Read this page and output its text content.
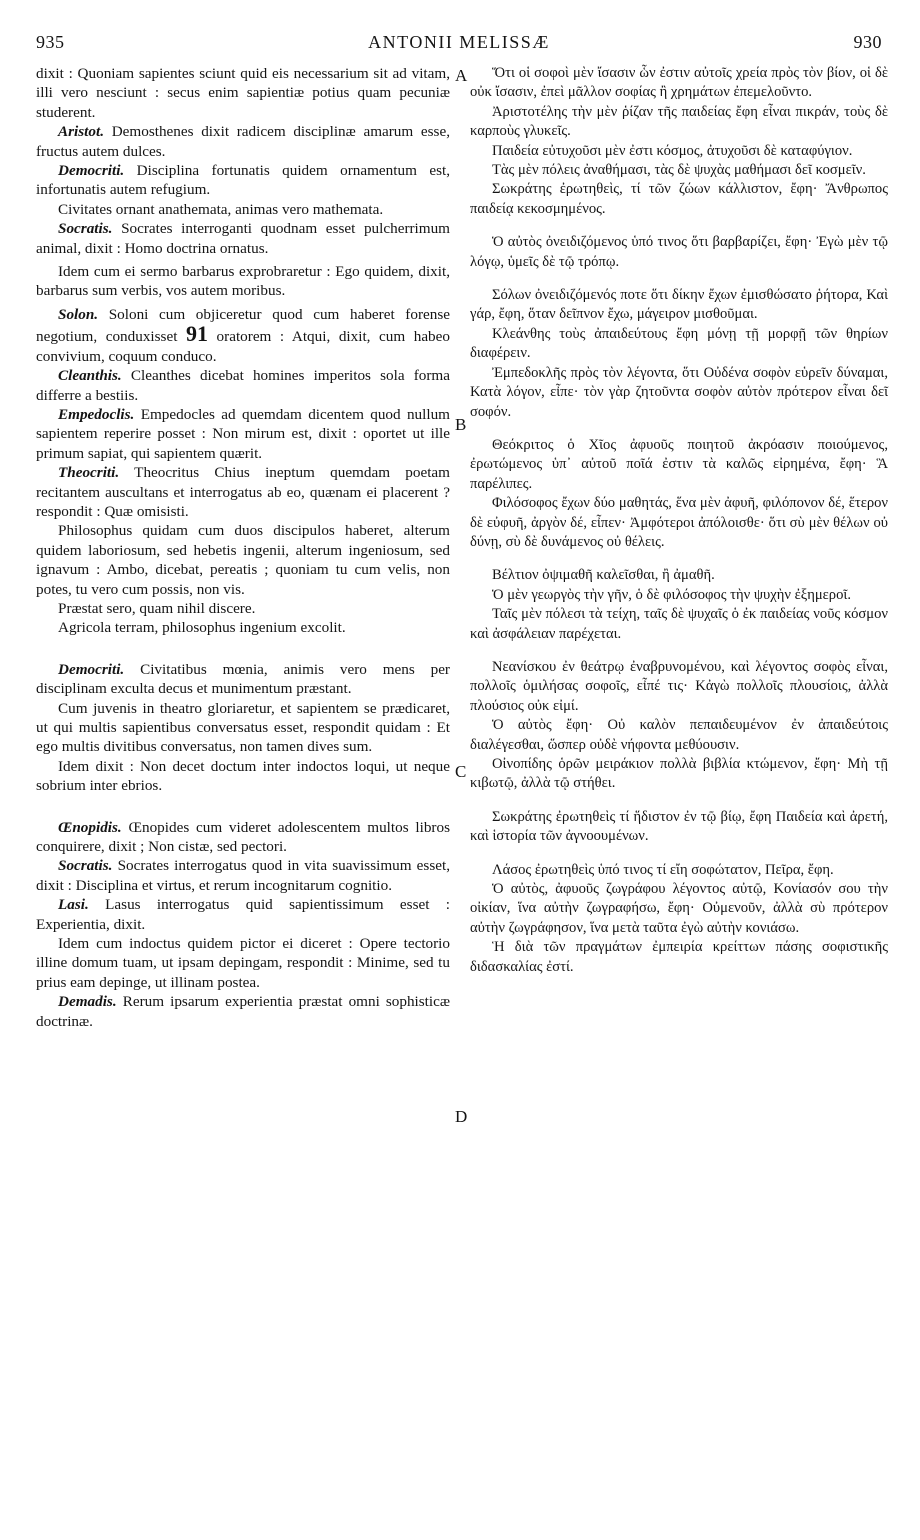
935	ANTONII MELISSÆ	930
A
B
C
D

dixit : Quoniam sapientes sciunt quid eis necessarium sit ad vitam, illi vero nesciunt : secus enim sapientiæ potius quam pecuniæ studerent.

Aristot. Demosthenes dixit radicem disciplinæ amarum esse, fructus autem dulces.

Democriti. Disciplina fortunatis quidem ornamentum est, infortunatis autem refugium.

Civitates ornant anathemata, animas vero mathemata.

Socratis. Socrates interroganti quodnam esset pulcherrimum animal, dixit : Homo doctrina ornatus.

Idem cum ei sermo barbarus exprobraretur : Ego quidem, dixit, barbarus sum verbis, vos autem moribus.

Solon. Soloni cum objiceretur quod cum haberet forense negotium, conduxisset 91 oratorem : Atqui, dixit, cum habeo convivium, coquum conduco.

Cleanthis. Cleanthes dicebat homines imperitos sola forma differre a bestiis.

Empedoclis. Empedocles ad quemdam dicentem quod nullum sapientem reperire posset : Non mirum est, dixit : oportet ut ille primum sapiat, qui sapientem quærit.

Theocriti. Theocritus Chius ineptum quemdam poetam recitantem auscultans et interrogatus ab eo, quænam ei placerent ? respondit : Quæ omisisti.

Philosophus quidam cum duos discipulos haberet, alterum quidem laboriosum, sed hebetis ingenii, alterum ingeniosum, sed ignavum : Ambo, dicebat, pereatis ; quoniam tu cum velis, non potes, tu vero cum possis, non vis.

Præstat sero, quam nihil discere.

Agricola terram, philosophus ingenium excolit.

Democriti. Civitatibus mœnia, animis vero mens per disciplinam exculta decus et munimentum præstant.

Cum juvenis in theatro gloriaretur, et sapientem se prædicaret, ut qui multis sapientibus conversatus esset, respondit quidam : Et ego multis divitibus conversatus, non tamen dives sum.

Idem dixit : Non decet doctum inter indoctos loqui, ut neque sobrium inter ebrios.

Œnopidis. Œnopides cum videret adolescentem multos libros conquirere, dixit ; Non cistæ, sed pectori.

Socratis. Socrates interrogatus quod in vita suavissimum esset, dixit : Disciplina et virtus, et rerum incognitarum cognitio.

Lasi. Lasus interrogatus quid sapientissimum esset : Experientia, dixit.

Idem cum indoctus quidem pictor ei diceret : Opere tectorio illine domum tuam, ut ipsam depingam, respondit : Minime, sed tu prius eam depinge, ut illinam postea.

Demadis. Rerum ipsarum experientia præstat omni sophisticæ doctrinæ.

Ὅτι οἱ σοφοὶ μὲν ἴσασιν ὧν ἐστιν αὐτοῖς χρεία πρὸς τὸν βίον, οἱ δὲ οὐκ ἴσασιν, ἐπεὶ μᾶλλον σοφίας ἢ χρημάτων ἐπεμελοῦντο.

Ἀριστοτέλης τὴν μὲν ῥίζαν τῆς παιδείας ἔφη εἶναι πικράν, τοὺς δὲ καρποὺς γλυκεῖς.

Παιδεία εὐτυχοῦσι μὲν ἐστι κόσμος, ἀτυχοῦσι δὲ καταφύγιον.

Τὰς μὲν πόλεις ἀναθήμασι, τὰς δὲ ψυχὰς μαθήμασι δεῖ κοσμεῖν.

Σωκράτης ἐρωτηθεὶς, τί τῶν ζώων κάλλιστον, ἔφη· Ἄνθρωπος παιδείᾳ κεκοσμημένος.

Ὁ αὐτὸς ὀνειδιζόμενος ὑπό τινος ὅτι βαρβαρίζει, ἔφη· Ἐγὼ μὲν τῷ λόγῳ, ὑμεῖς δὲ τῷ τρόπῳ.

Σόλων ὀνειδιζόμενός ποτε ὅτι δίκην ἔχων ἐμισθώσατο ῥήτορα, Καὶ γάρ, ἔφη, ὅταν δεῖπνον ἔχω, μάγειρον μισθοῦμαι.

Κλεάνθης τοὺς ἀπαιδεύτους ἔφη μόνῃ τῇ μορφῇ τῶν θηρίων διαφέρειν.

Ἐμπεδοκλῆς πρὸς τὸν λέγοντα, ὅτι Οὐδένα σοφὸν εὑρεῖν δύναμαι, Κατὰ λόγον, εἶπε· τὸν γὰρ ζητοῦντα σοφὸν αὐτὸν πρότερον εἶναι δεῖ σοφόν.

Θεόκριτος ὁ Χῖος ἀφυοῦς ποιητοῦ ἀκρόασιν ποιούμενος, ἐρωτώμενος ὑπ᾽ αὐτοῦ ποῖά ἐστιν τὰ καλῶς εἰρημένα, ἔφη· Ἃ παρέλιπες.

Φιλόσοφος ἔχων δύο μαθητάς, ἕνα μὲν ἀφυῆ, φιλόπονον δέ, ἕτερον δὲ εὐφυῆ, ἀργὸν δέ, εἶπεν· Ἀμφότεροι ἀπόλοισθε· ὅτι σὺ μὲν θέλων οὐ δύνῃ, σὺ δὲ δυνάμενος οὐ θέλεις.

Βέλτιον ὀψιμαθῆ καλεῖσθαι, ἢ ἀμαθῆ.

Ὁ μὲν γεωργὸς τὴν γῆν, ὁ δὲ φιλόσοφος τὴν ψυχὴν ἐξημεροῖ.

Ταῖς μὲν πόλεσι τὰ τείχη, ταῖς δὲ ψυχαῖς ὁ ἐκ παιδείας νοῦς κόσμον καὶ ἀσφάλειαν παρέχεται.

Νεανίσκου ἐν θεάτρῳ ἐναβρυνομένου, καὶ λέγοντος σοφὸς εἶναι, πολλοῖς ὁμιλήσας σοφοῖς, εἶπέ τις· Κἀγὼ πολλοῖς πλουσίοις, ἀλλὰ πλούσιος οὐκ εἰμί.

Ὁ αὐτὸς ἔφη· Οὐ καλὸν πεπαιδευμένον ἐν ἀπαιδεύτοις διαλέγεσθαι, ὥσπερ οὐδὲ νήφοντα μεθύουσιν.

Οἰνοπίδης ὁρῶν μειράκιον πολλὰ βιβλία κτώμενον, ἔφη· Μὴ τῇ κιβωτῷ, ἀλλὰ τῷ στήθει.

Σωκράτης ἐρωτηθεὶς τί ἥδιστον ἐν τῷ βίῳ, ἔφη Παιδεία καὶ ἀρετή, καὶ ἱστορία τῶν ἀγνοουμένων.

Λάσος ἐρωτηθεὶς ὑπό τινος τί εἴη σοφώτατον, Πεῖρα, ἔφη.

Ὁ αὐτὸς, ἀφυοῦς ζωγράφου λέγοντος αὐτῷ, Κονίασόν σου τὴν οἰκίαν, ἵνα αὐτὴν ζωγραφήσω, ἔφη· Οὐμενοῦν, ἀλλὰ σὺ πρότερον αὐτὴν ζωγράφησον, ἵνα μετὰ ταῦτα ἐγὼ αὐτὴν κονιάσω.

Ἡ διὰ τῶν πραγμάτων ἐμπειρία κρείττων πάσης σοφιστικῆς διδασκαλίας ἐστί.
